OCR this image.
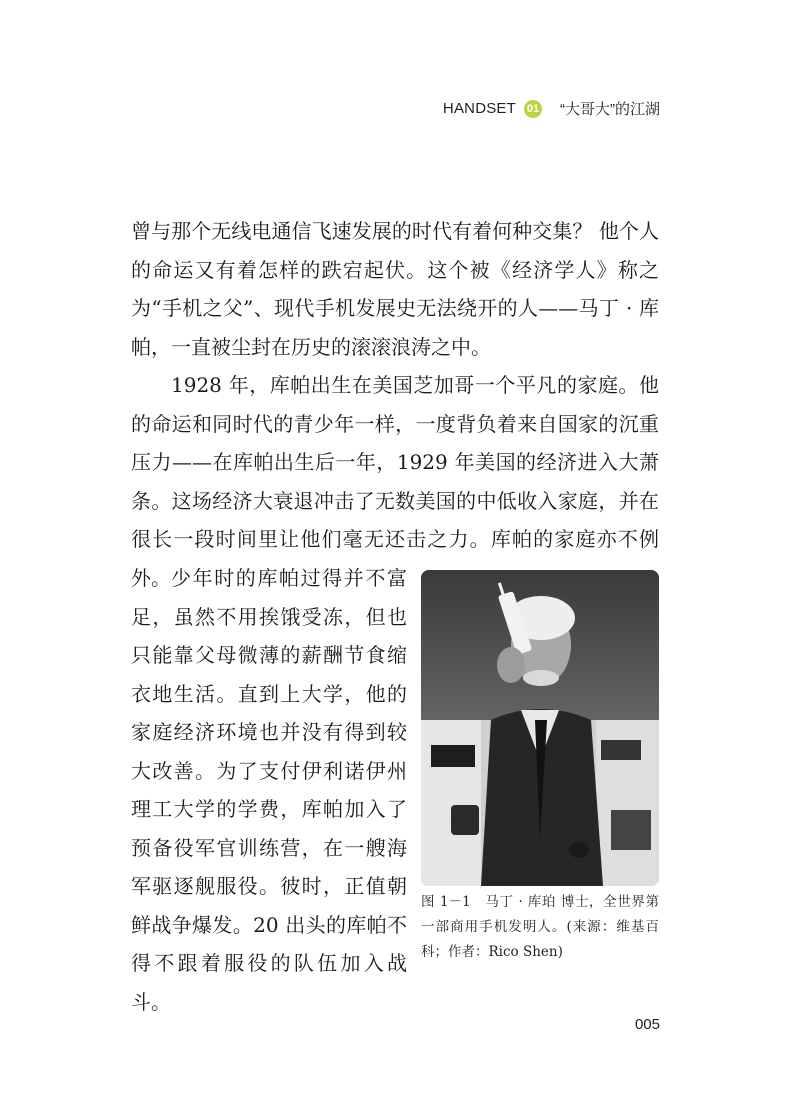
HANDSET 01 “大哥大”的江湖

曾与那个无线电通信飞速发展的时代有着何种交集？ 他个人的命运又有着怎样的跌宕起伏。这个被《经济学人》称之为“手机之父”、现代手机发展史无法绕开的人——马丁 · 库帕，一直被尘封在历史的滚滚浪涛之中。

1928 年，库帕出生在美国芝加哥一个平凡的家庭。他的命运和同时代的青少年一样，一度背负着来自国家的沉重压力——在库帕出生后一年，1929 年美国的经济进入大萧条。这场经济大衰退冲击了无数美国的中低收入家庭，并在很长一段时间里让他们毫无还击之力。库帕的家庭亦不例外。 少年时的库帕过得并不富足，虽然不用挨饿受冻，但也只能靠父母微薄的薪酬节食缩衣地生活。直到上大学，他的家庭经济环境也并没有得到较大改善。为了支付伊利诺伊州理工大学的学费，库帕加入了预备役军官训练营，在一艘海军驱逐舰服役。彼时，正值朝鲜战争爆发。20 出头的库帕不得不跟着服役的队伍加入战斗。

图 1－1　马丁 · 库珀 博士，全世界第一部商用手机发明人。(来源：维基百科；作者：Rico Shen)

005
